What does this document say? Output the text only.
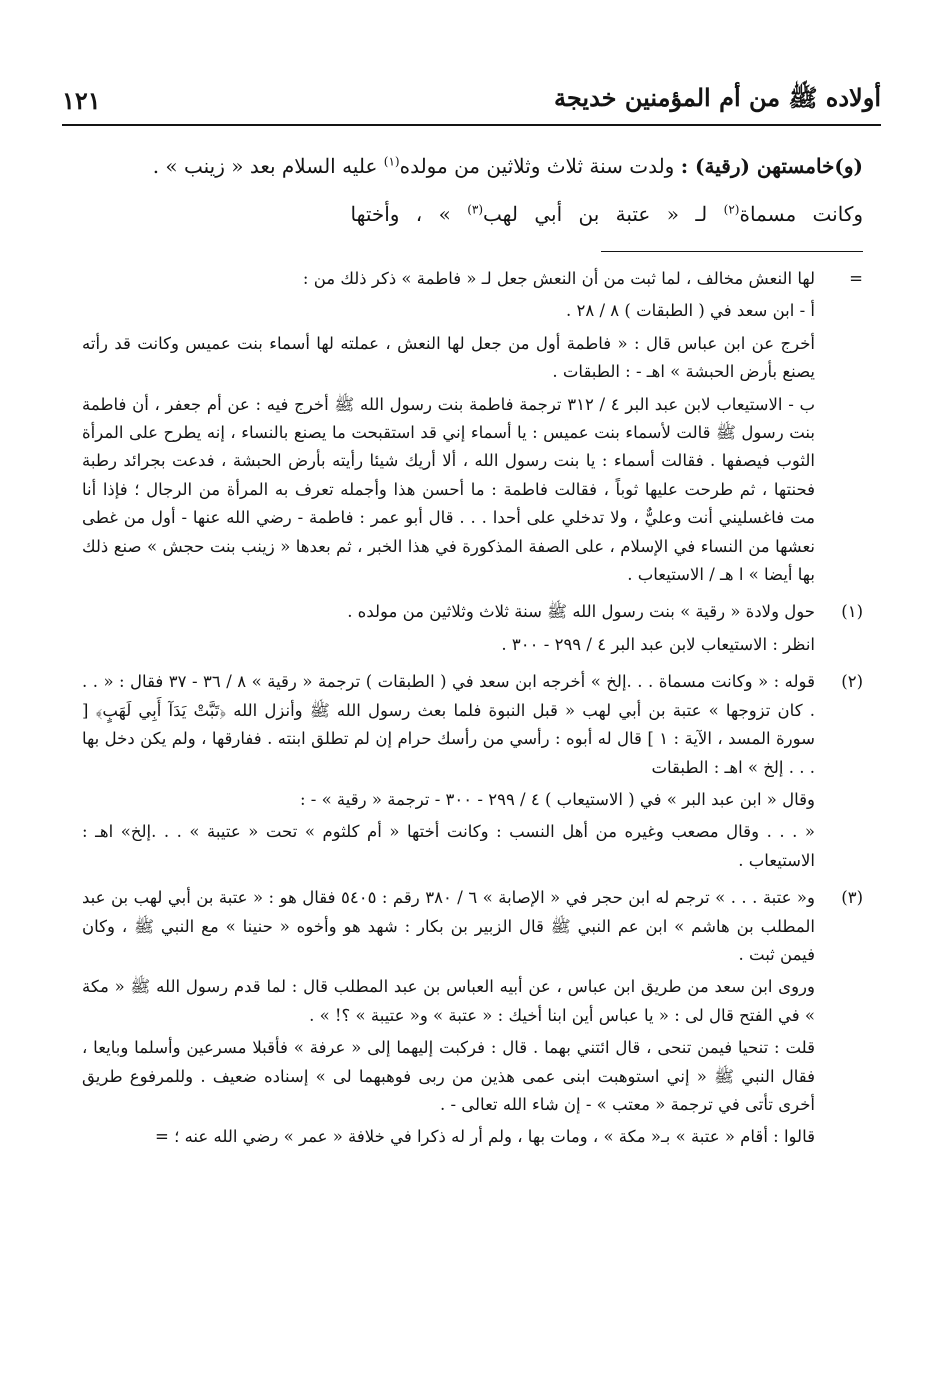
أولاده ﷺ من أم المؤمنين خديجة
١٢١

(و)خامستهن (رقية) : ولدت سنة ثلاث وثلاثين من مولده$^{(١)}$ عليه السلام بعد « زينب » .

وكانت مسماة$^{(٢)}$ لـ « عتبة بن أبي لهب$^{(٣)}$ » ، وأختها

=

لها النعش مخالف ، لما ثبت من أن النعش جعل لـ « فاطمة » ذكر ذلك من :

أ - ابن سعد في ( الطبقات ) ٨ / ٢٨ .

أخرج عن ابن عباس قال : « فاطمة أول من جعل لها النعش ، عملته لها أسماء بنت عميس وكانت قد رأته يصنع بأرض الحبشة » اهـ - : الطبقات .

ب - الاستيعاب لابن عبد البر ٤ / ٣١٢ ترجمة فاطمة بنت رسول الله ﷺ أخرج فيه : عن أم جعفر ، أن فاطمة بنت رسول ﷺ قالت لأسماء بنت عميس : يا أسماء إني قد استقبحت ما يصنع بالنساء ، إنه يطرح على المرأة الثوب فيصفها . فقالت أسماء : يا بنت رسول الله ، ألا أريك شيئا رأيته بأرض الحبشة ، فدعت بجرائد رطبة فحنتها ، ثم طرحت عليها ثوباً ، فقالت فاطمة : ما أحسن هذا وأجمله تعرف به المرأة من الرجال ؛ فإذا أنا مت فاغسليني أنت وعليٌّ ، ولا تدخلي على أحدا . . . قال أبو عمر : فاطمة - رضي الله عنها - أول من غطى نعشها من النساء في الإسلام ، على الصفة المذكورة في هذا الخبر ، ثم بعدها « زينب بنت حجش » صنع ذلك بها أيضا » ا هـ / الاستيعاب .

(١)

حول ولادة « رقية » بنت رسول الله ﷺ سنة ثلاث وثلاثين من مولده .

انظر : الاستيعاب لابن عبد البر ٤ / ٢٩٩ - ٣٠٠ .

(٢)

قوله : « وكانت مسماة . . .إلخ » أخرجه ابن سعد في ( الطبقات ) ترجمة « رقية » ٨ / ٣٦ - ٣٧ فقال : « . . . كان تزوجها » عتبة بن أبي لهب « قبل النبوة فلما بعث رسول الله ﷺ وأنزل الله ﴿تَبَّتْ يَدَآ أَبِي لَهَبٍ﴾ [ سورة المسد ، الآية : ١ ] قال له أبوه : رأسي من رأسك حرام إن لم تطلق ابنته . ففارقها ، ولم يكن دخل بها . . . إلخ » اهـ : الطبقات

وقال « ابن عبد البر » في ( الاستيعاب ) ٤ / ٢٩٩ - ٣٠٠ - ترجمة « رقية » - :

« . . . وقال مصعب وغيره من أهل النسب : وكانت أختها « أم كلثوم » تحت « عتيبة » . . .إلخ» اهـ : الاستيعاب .

(٣)

و« عتبة . . . » ترجم له ابن حجر في « الإصابة » ٦ / ٣٨٠ رقم : ٥٤٠٥ فقال هو : « عتبة بن أبي لهب بن عبد المطلب بن هاشم » ابن عم النبي ﷺ قال الزبير بن بكار : شهد هو وأخوه « حنينا » مع النبي ﷺ ، وكان فيمن ثبت .

وروى ابن سعد من طريق ابن عباس ، عن أبيه العباس بن عبد المطلب قال : لما قدم رسول الله ﷺ « مكة » في الفتح قال لى : « يا عباس أين ابنا أخيك : « عتبة » و« عتيبة » ؟! » .

قلت : تنحيا فيمن تنحى ، قال ائتني بهما . قال : فركبت إليهما إلى « عرفة » فأقبلا مسرعين وأسلما وبايعا ، فقال النبي ﷺ « إني استوهبت ابنى عمى هذين من ربى فوهبهما لى » إسناده ضعيف . وللمرفوع طريق أخرى تأتى في ترجمة « معتب » - إن شاء الله تعالى - .

قالوا : أقام « عتبة » بـ« مكة » ، ومات بها ، ولم أر له ذكرا في خلافة « عمر » رضي الله عنه ؛ =
